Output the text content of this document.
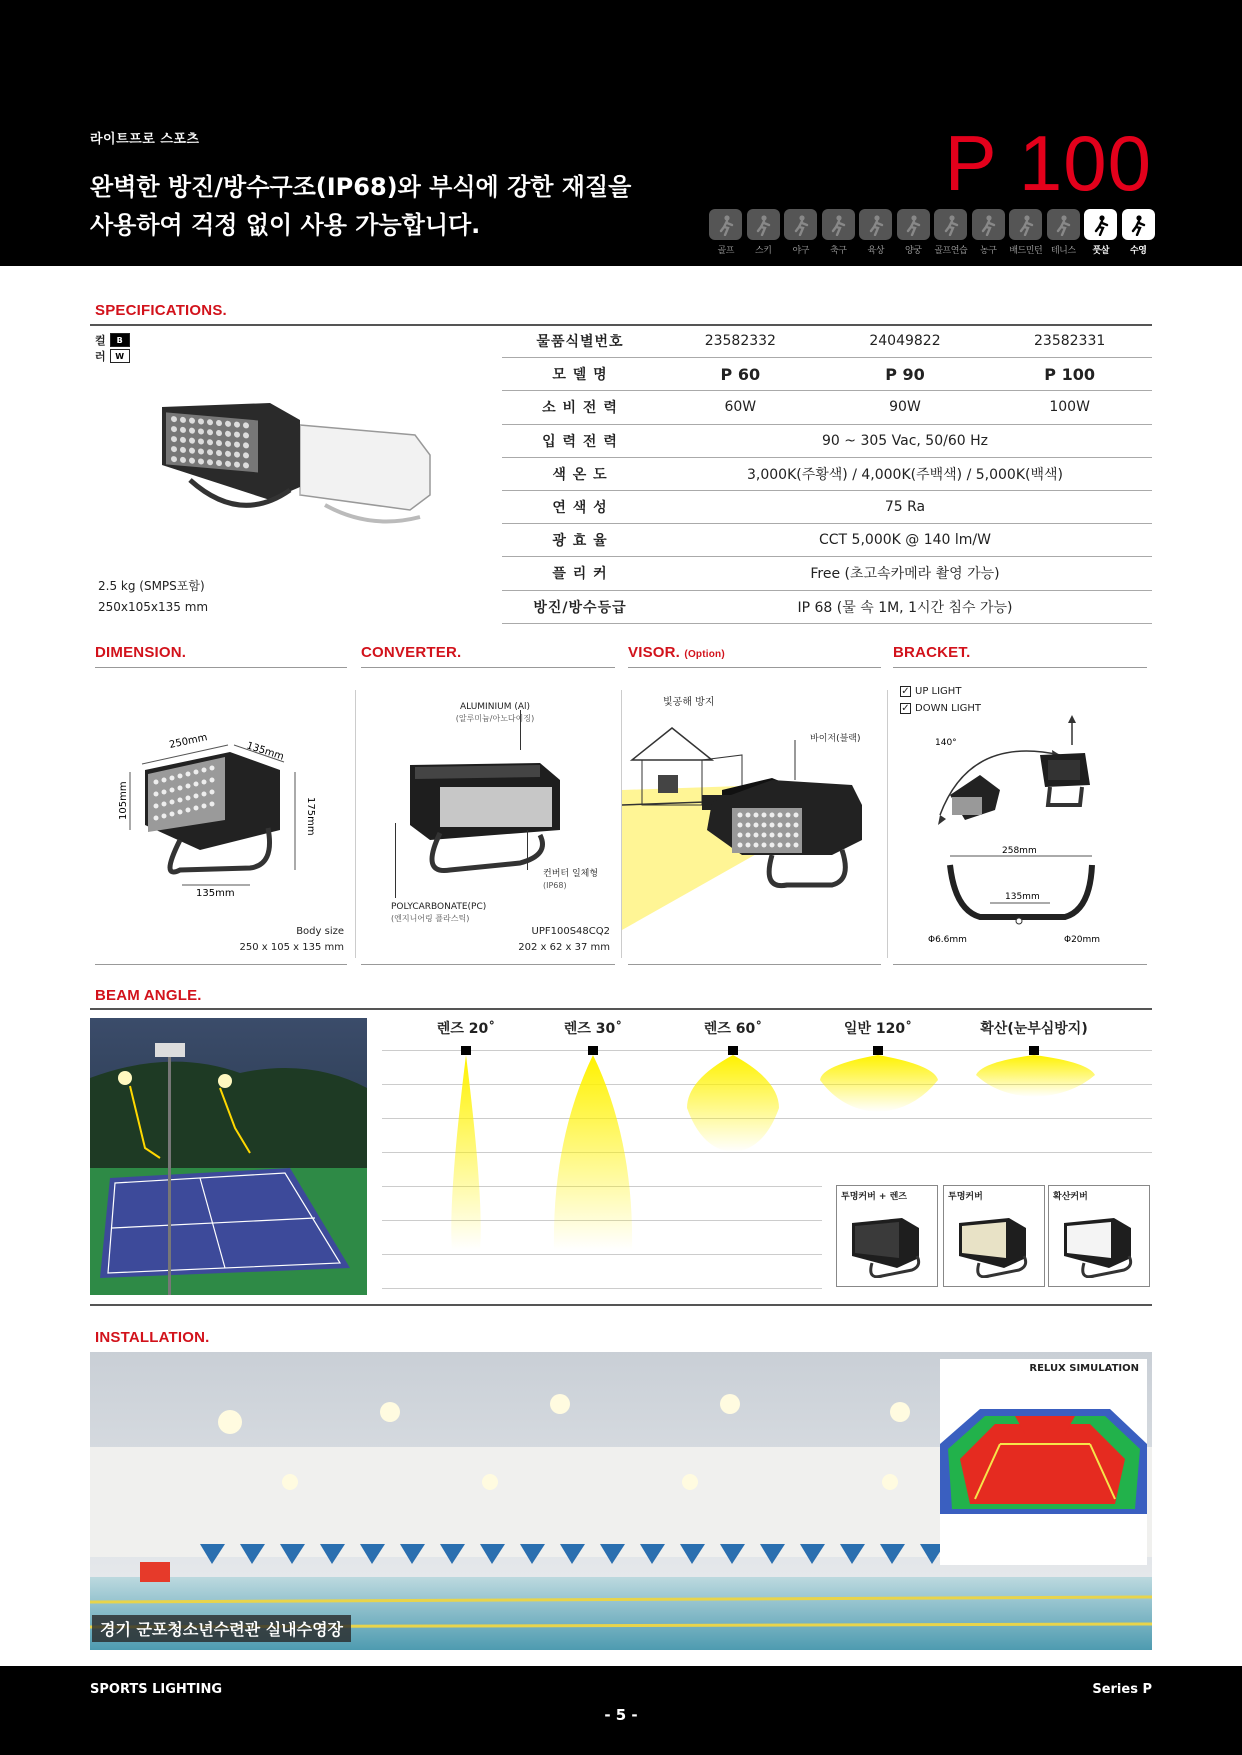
라이트프로 스포츠
완벽한 방진/방수구조(IP68)와 부식에 강한 재질을
사용하여 걱정 없이 사용 가능합니다.
P 100
골프	스키	야구	축구	육상	양궁	골프연습	농구	배드민턴 테니스	풋살	수영
SPECIFICATIONS.
컬	B
러	W
2.5 kg (SMPS포함)
250x105x135 mm
물품식별번호	23582332	24049822	23582331
모 델 명	P 60	P 90	P 100
소 비 전 력	60W	90W	100W
입 력 전 력	90 ~ 305 Vac, 50/60 Hz		
색 온 도	3,000K(주황색) / 4,000K(주백색) / 5,000K(백색)		
연 색 성	75 Ra		
광 효 율	CCT 5,000K @ 140 lm/W		
플 리 커	Free (초고속카메라 촬영 가능)		
방진/방수등급	IP 68 (물 속 1M, 1시간 침수 가능)		
DIMENSION.	CONVERTER.	VISOR. (Option)	BRACKET.
250mm	135mm
105mm	175mm
135mm
Body size
250 x 105 x 135 mm
ALUMINIUM (Al)
(알루미늄/아노다이징)
컨버터 일체형
(IP68)
POLYCARBONATE(PC)
(엔지니어링 플라스틱)
UPF100S48CQ2
202 x 62 x 37 mm
빛공해 방지
바이저(블랙)
✓ UP LIGHT
✓ DOWN LIGHT
140°
258mm
135mm
Φ6.6mm	Φ20mm
BEAM ANGLE.
렌즈 20˚	렌즈 30˚	렌즈 60˚	일반 120˚	확산(눈부심방지)
투명커버 + 렌즈	투명커버	확산커버
INSTALLATION.
RELUX SIMULATION
경기 군포청소년수련관 실내수영장
SPORTS LIGHTING	Series P
- 5 -
